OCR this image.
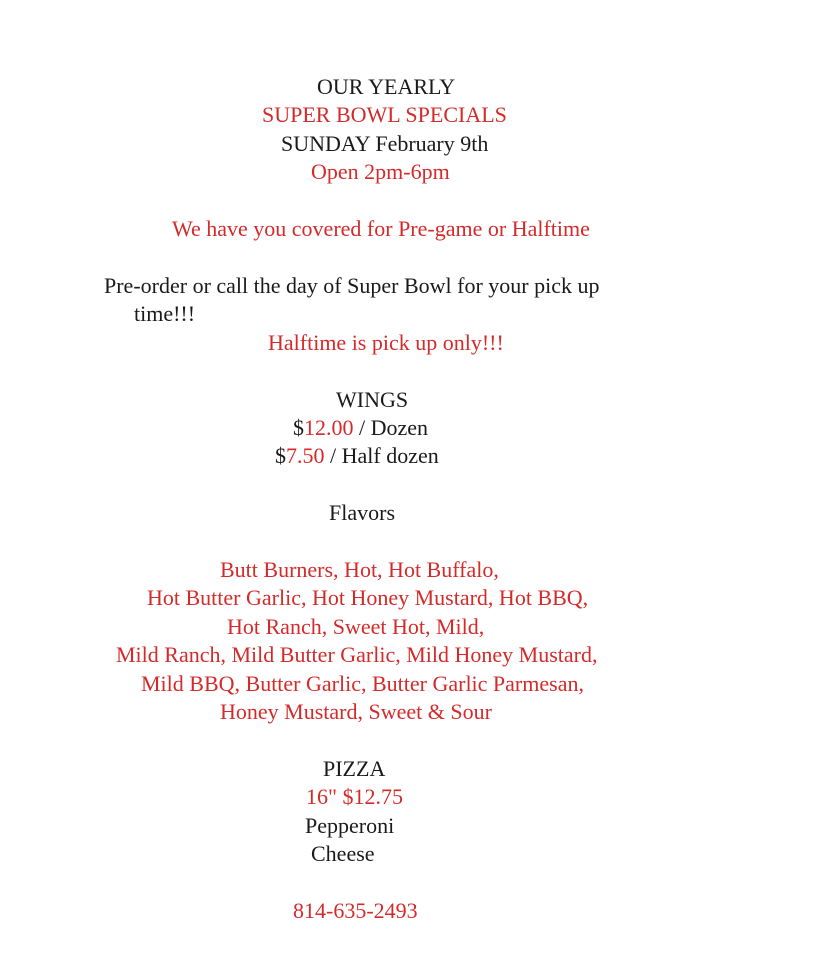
OUR YEARLY
SUPER BOWL SPECIALS
SUNDAY February 9th
Open 2pm-6pm
We have you covered for Pre-game or Halftime
Pre-order or call the day of Super Bowl for your pick up
time!!!
Halftime is pick up only!!!
WINGS
$12.00 / Dozen
$7.50 / Half dozen
Flavors
Butt Burners, Hot, Hot Buffalo,
Hot Butter Garlic, Hot Honey Mustard, Hot BBQ,
Hot Ranch, Sweet Hot, Mild,
Mild Ranch, Mild Butter Garlic, Mild Honey Mustard,
Mild BBQ, Butter Garlic, Butter Garlic Parmesan,
Honey Mustard, Sweet & Sour
PIZZA
16" $12.75
Pepperoni
Cheese
814-635-2493
